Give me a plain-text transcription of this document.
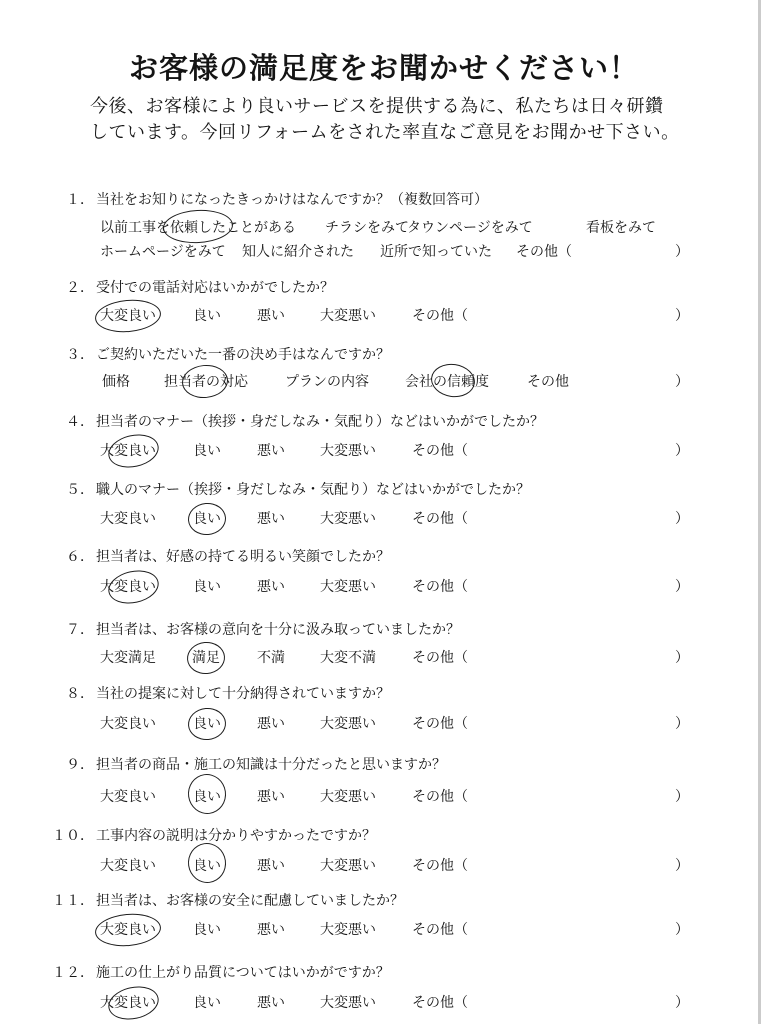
お客様の満足度をお聞かせください！
今後、お客様により良いサービスを提供する為に、私たちは日々研鑽
しています。今回リフォームをされた率直なご意見をお聞かせ下さい。
１． 当社をお知りになったきっかけはなんですか？（複数回答可）
以前工事を依頼したことがある チラシをみて
タウンページをみて	看板をみて
ホームページをみて 知人に紹介された 近所で知っていた その他（	）
２． 受付での電話対応はいかがでしたか？
大変良い	良い	悪い	大変悪い	その他（	）
３． ご契約いただいた一番の決め手はなんですか？
価格 担当者の対応	プランの内容	会社の信頼度	その他	）
４． 担当者のマナー（挨拶・身だしなみ・気配り）などはいかがでしたか？
大変良い	良い	悪い	大変悪い	その他（	）
５． 職人のマナー（挨拶・身だしなみ・気配り）などはいかがでしたか？
大変良い	良い	悪い	大変悪い	その他（	）
６． 担当者は、好感の持てる明るい笑顔でしたか？
大変良い	良い	悪い	大変悪い	その他（	）
７． 担当者は、お客様の意向を十分に汲み取っていましたか？
大変満足	満足	不満	大変不満	その他（	）
８． 当社の提案に対して十分納得されていますか？
大変良い	良い	悪い	大変悪い	その他（	）
９． 担当者の商品・施工の知識は十分だったと思いますか？
大変良い	良い	悪い	大変悪い	その他（	）
１０． 工事内容の説明は分かりやすかったですか？
大変良い	良い	悪い	大変悪い	その他（	）
１１． 担当者は、お客様の安全に配慮していましたか？
大変良い	良い	悪い	大変悪い	その他（	）
１２． 施工の仕上がり品質についてはいかがですか？
大変良い	良い	悪い	大変悪い	その他（	）
